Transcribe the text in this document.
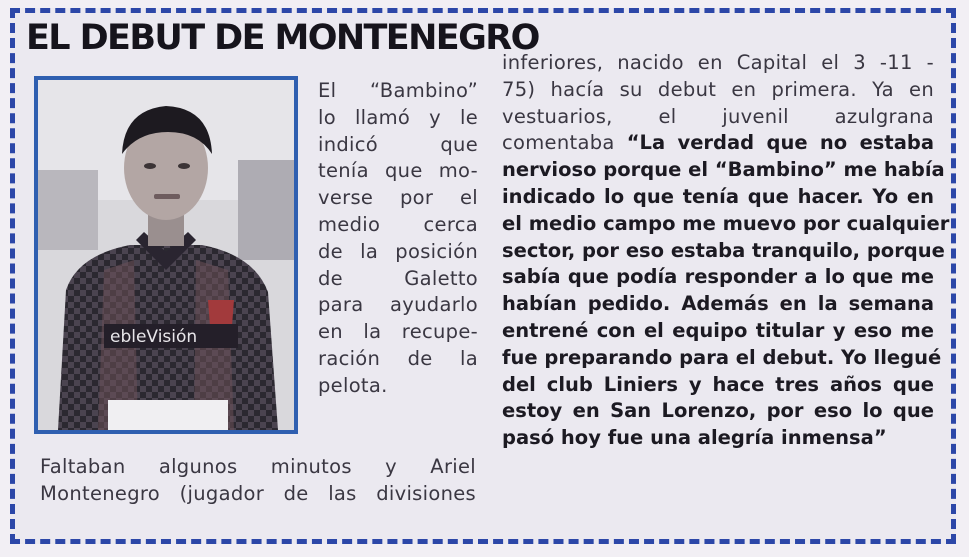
EL DEBUT DE MONTENEGRO
ebleVisión
El “Bambino”
lo llamó y le
indicó que
tenía que mo-
verse por el
medio cerca
de la posición
de Galetto
para ayudarlo
en la recupe-
ración de la
pelota.
Faltaban algunos minutos y Ariel
Montenegro (jugador de las divisiones
inferiores, nacido en Capital el 3 -11 -
75) hacía su debut en primera. Ya en
vestuarios, el juvenil azulgrana
comentaba “La verdad que no estaba
nervioso porque el “Bambino” me había
indicado lo que tenía que hacer. Yo en
el medio campo me muevo por cualquier
sector, por eso estaba tranquilo, porque
sabía que podía responder a lo que me
habían pedido. Además en la semana
entrené con el equipo titular y eso me
fue preparando para el debut. Yo llegué
del club Liniers y hace tres años que
estoy en San Lorenzo, por eso lo que
pasó hoy fue una alegría inmensa”
